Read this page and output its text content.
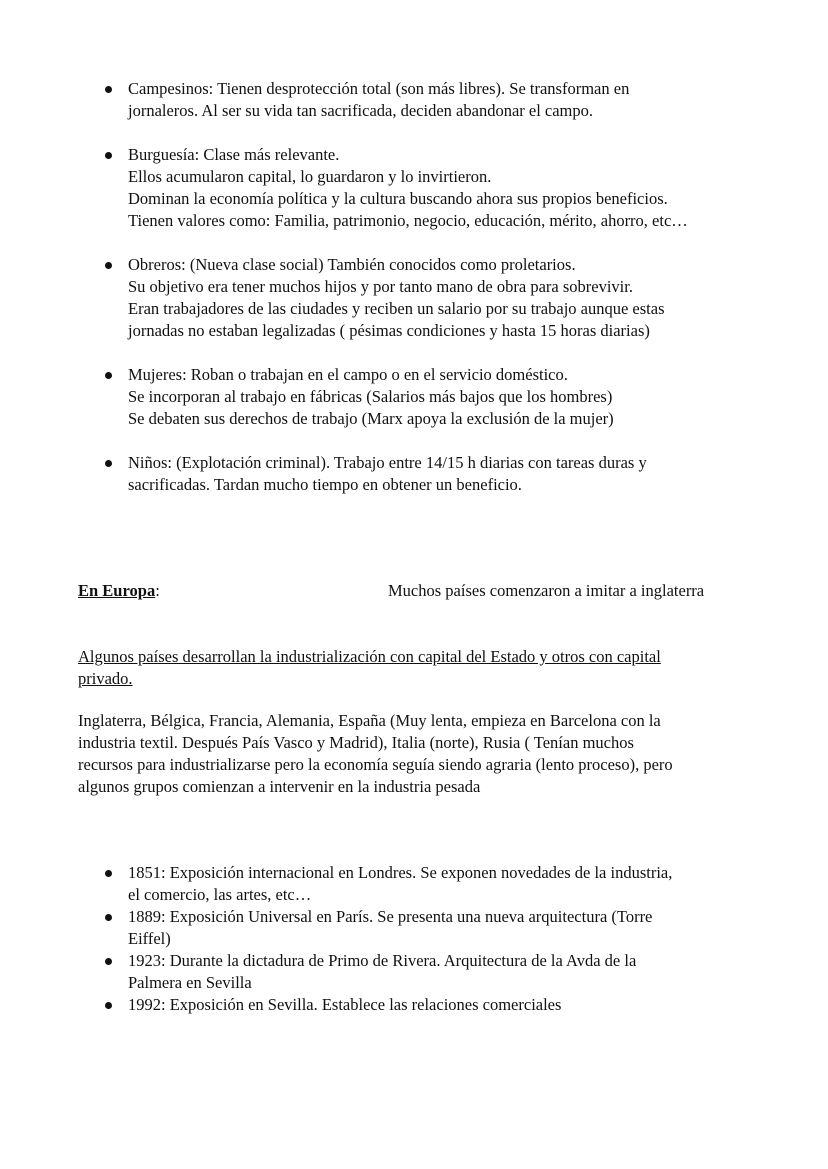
Campesinos: Tienen desprotección total (son más libres). Se transforman en
jornaleros. Al ser su vida tan sacrificada, deciden abandonar el campo.
Burguesía: Clase más relevante.
Ellos acumularon capital, lo guardaron y lo invirtieron.
Dominan la economía política y la cultura buscando ahora sus propios beneficios.
Tienen valores como: Familia, patrimonio, negocio, educación, mérito, ahorro, etc…
Obreros: (Nueva clase social) También conocidos como proletarios.
Su objetivo era tener muchos hijos y por tanto mano de obra para sobrevivir.
Eran trabajadores de las ciudades y reciben un salario por su trabajo aunque estas
jornadas no estaban legalizadas ( pésimas condiciones y hasta 15 horas diarias)
Mujeres: Roban o trabajan en el campo o en el servicio doméstico.
Se incorporan al trabajo en fábricas (Salarios más bajos que los hombres)
Se debaten sus derechos de trabajo (Marx apoya la exclusión de la mujer)
Niños: (Explotación criminal). Trabajo entre 14/15 h diarias con tareas duras y
sacrificadas. Tardan mucho tiempo en obtener un beneficio.
En Europa:	Muchos países comenzaron a imitar a inglaterra
Algunos países desarrollan la industrialización con capital del Estado y otros con capital
privado.
Inglaterra, Bélgica, Francia, Alemania, España (Muy lenta, empieza en Barcelona con la
industria textil. Después País Vasco y Madrid), Italia (norte), Rusia ( Tenían muchos
recursos para industrializarse pero la economía seguía siendo agraria (lento proceso), pero
algunos grupos comienzan a intervenir en la industria pesada
1851: Exposición internacional en Londres. Se exponen novedades de la industria,
el comercio, las artes, etc…
1889: Exposición Universal en París. Se presenta una nueva arquitectura (Torre
Eiffel)
1923: Durante la dictadura de Primo de Rivera. Arquitectura de la Avda de la
Palmera en Sevilla
1992: Exposición en Sevilla. Establece las relaciones comerciales
